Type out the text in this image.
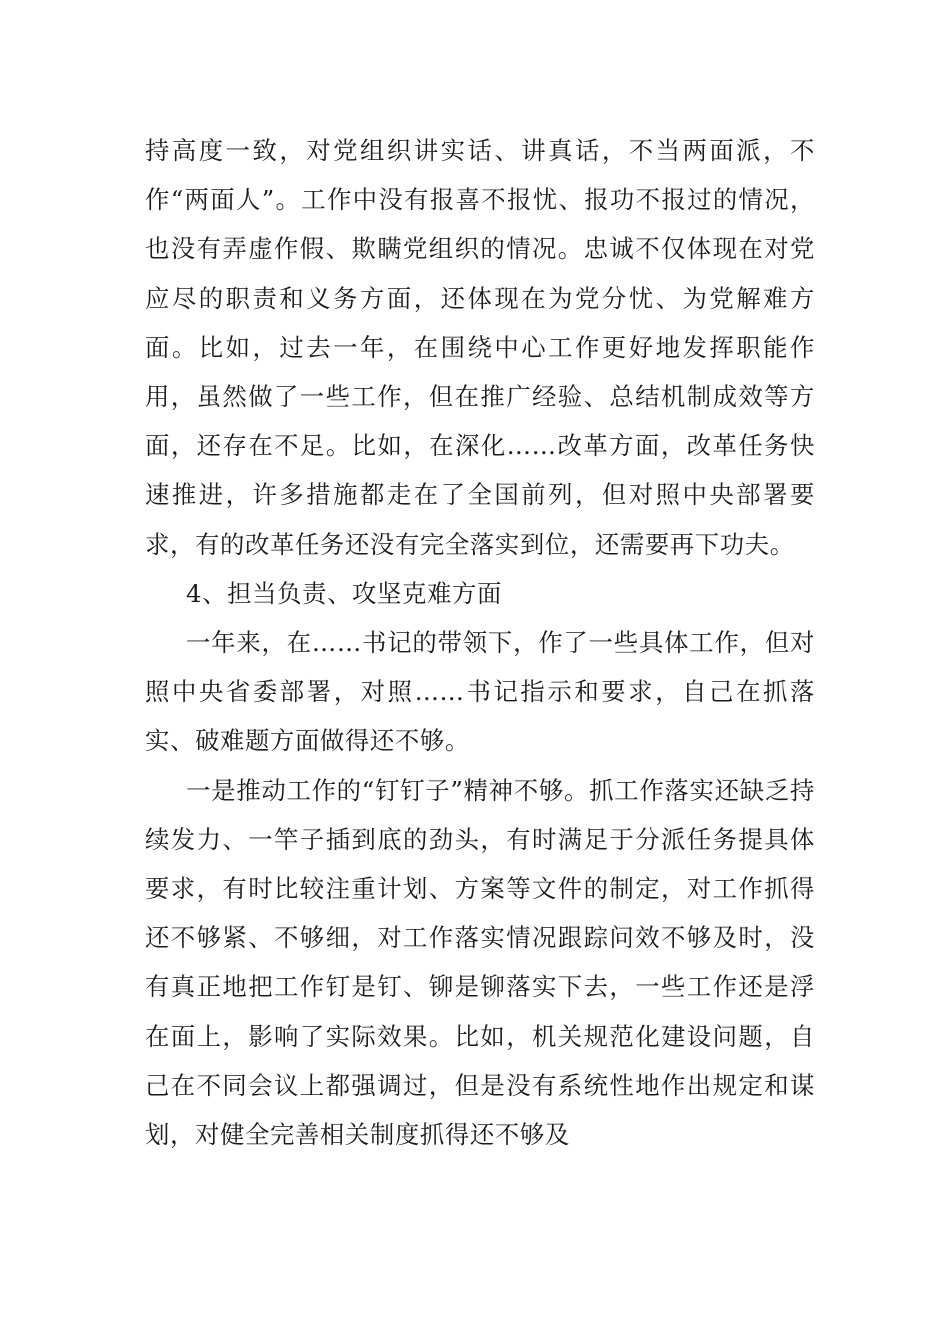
持高度一致，对党组织讲实话、讲真话，不当两面派，不作“两面人”。工作中没有报喜不报忧、报功不报过的情况，也没有弄虚作假、欺瞒党组织的情况。忠诚不仅体现在对党应尽的职责和义务方面，还体现在为党分忧、为党解难方面。比如，过去一年，在围绕中心工作更好地发挥职能作用，虽然做了一些工作，但在推广经验、总结机制成效等方面，还存在不足。比如，在深化……改革方面，改革任务快速推进，许多措施都走在了全国前列，但对照中央部署要求，有的改革任务还没有完全落实到位，还需要再下功夫。

4、担当负责、攻坚克难方面

一年来，在……书记的带领下，作了一些具体工作，但对照中央省委部署，对照……书记指示和要求，自己在抓落实、破难题方面做得还不够。

一是推动工作的“钉钉子”精神不够。抓工作落实还缺乏持续发力、一竿子插到底的劲头，有时满足于分派任务提具体要求，有时比较注重计划、方案等文件的制定，对工作抓得还不够紧、不够细，对工作落实情况跟踪问效不够及时，没有真正地把工作钉是钉、铆是铆落实下去，一些工作还是浮在面上，影响了实际效果。比如，机关规范化建设问题，自己在不同会议上都强调过，但是没有系统性地作出规定和谋划，对健全完善相关制度抓得还不够及
